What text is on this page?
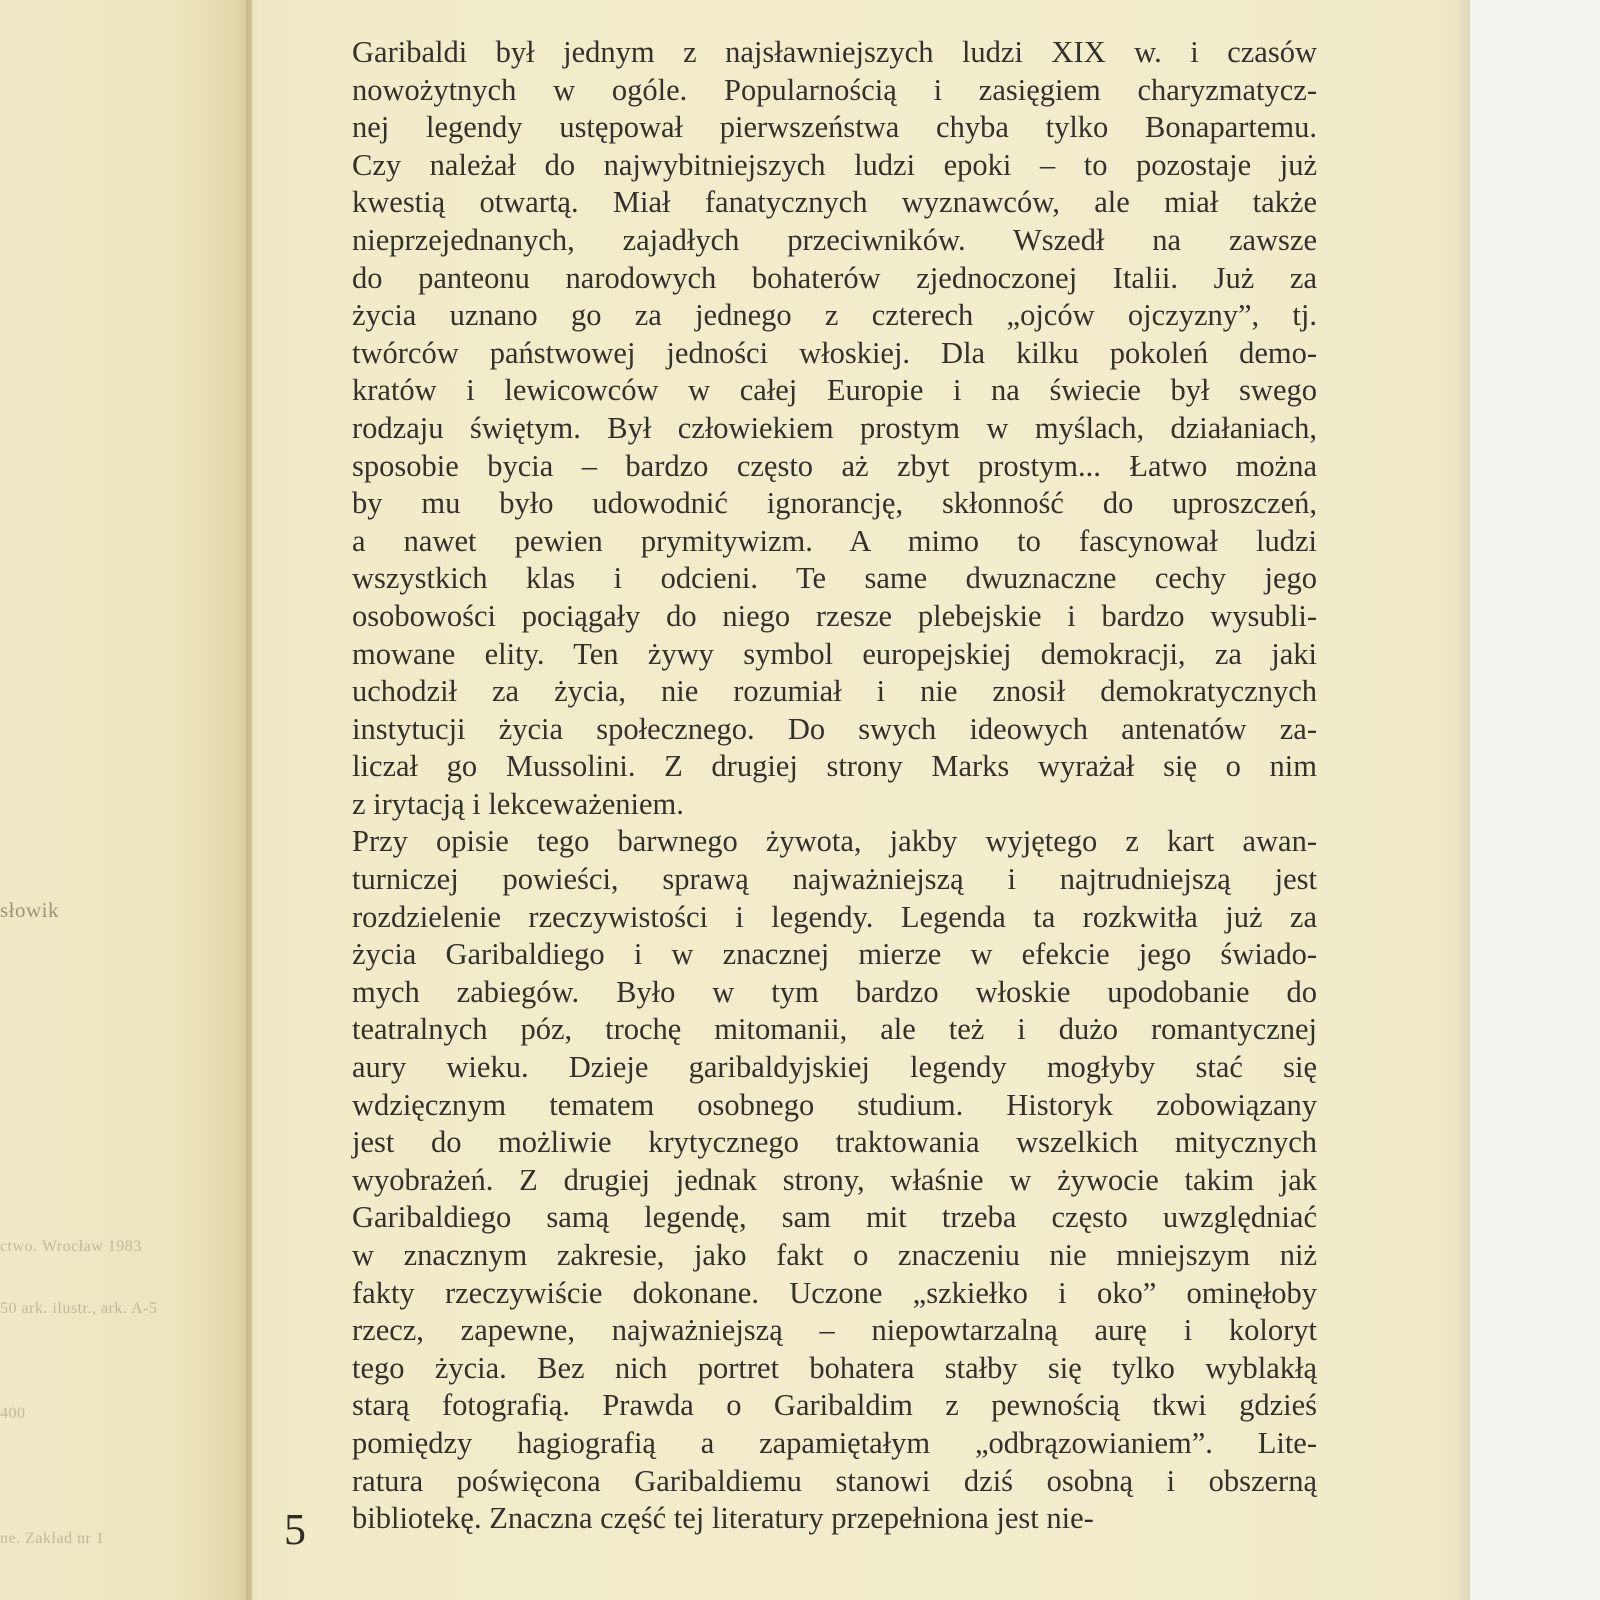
słowik
ctwo. Wrocław 1983
50 ark. ilustr., ark. A-5
400
ne. Zakład nr 1
Garibaldi był jednym z najsławniejszych ludzi XIX w. i czasów
nowożytnych w ogóle. Popularnością i zasięgiem charyzmatycz-
nej legendy ustępował pierwszeństwa chyba tylko Bonapartemu.
Czy należał do najwybitniejszych ludzi epoki – to pozostaje już
kwestią otwartą. Miał fanatycznych wyznawców, ale miał także
nieprzejednanych, zajadłych przeciwników. Wszedł na zawsze
do panteonu narodowych bohaterów zjednoczonej Italii. Już za
życia uznano go za jednego z czterech „ojców ojczyzny”, tj.
twórców państwowej jedności włoskiej. Dla kilku pokoleń demo-
kratów i lewicowców w całej Europie i na świecie był swego
rodzaju świętym. Był człowiekiem prostym w myślach, działaniach,
sposobie bycia – bardzo często aż zbyt prostym... Łatwo można
by mu było udowodnić ignorancję, skłonność do uproszczeń,
a nawet pewien prymitywizm. A mimo to fascynował ludzi
wszystkich klas i odcieni. Te same dwuznaczne cechy jego
osobowości pociągały do niego rzesze plebejskie i bardzo wysubli-
mowane elity. Ten żywy symbol europejskiej demokracji, za jaki
uchodził za życia, nie rozumiał i nie znosił demokratycznych
instytucji życia społecznego. Do swych ideowych antenatów za-
liczał go Mussolini. Z drugiej strony Marks wyrażał się o nim
z irytacją i lekceważeniem.
Przy opisie tego barwnego żywota, jakby wyjętego z kart awan-
turniczej powieści, sprawą najważniejszą i najtrudniejszą jest
rozdzielenie rzeczywistości i legendy. Legenda ta rozkwitła już za
życia Garibaldiego i w znacznej mierze w efekcie jego świado-
mych zabiegów. Było w tym bardzo włoskie upodobanie do
teatralnych póz, trochę mitomanii, ale też i dużo romantycznej
aury wieku. Dzieje garibaldyjskiej legendy mogłyby stać się
wdzięcznym tematem osobnego studium. Historyk zobowiązany
jest do możliwie krytycznego traktowania wszelkich mitycznych
wyobrażeń. Z drugiej jednak strony, właśnie w żywocie takim jak
Garibaldiego samą legendę, sam mit trzeba często uwzględniać
w znacznym zakresie, jako fakt o znaczeniu nie mniejszym niż
fakty rzeczywiście dokonane. Uczone „szkiełko i oko” ominęłoby
rzecz, zapewne, najważniejszą – niepowtarzalną aurę i koloryt
tego życia. Bez nich portret bohatera stałby się tylko wyblakłą
starą fotografią. Prawda o Garibaldim z pewnością tkwi gdzieś
pomiędzy hagiografią a zapamiętałym „odbrązowianiem”. Lite-
ratura poświęcona Garibaldiemu stanowi dziś osobną i obszerną
bibliotekę. Znaczna część tej literatury przepełniona jest nie-
5
